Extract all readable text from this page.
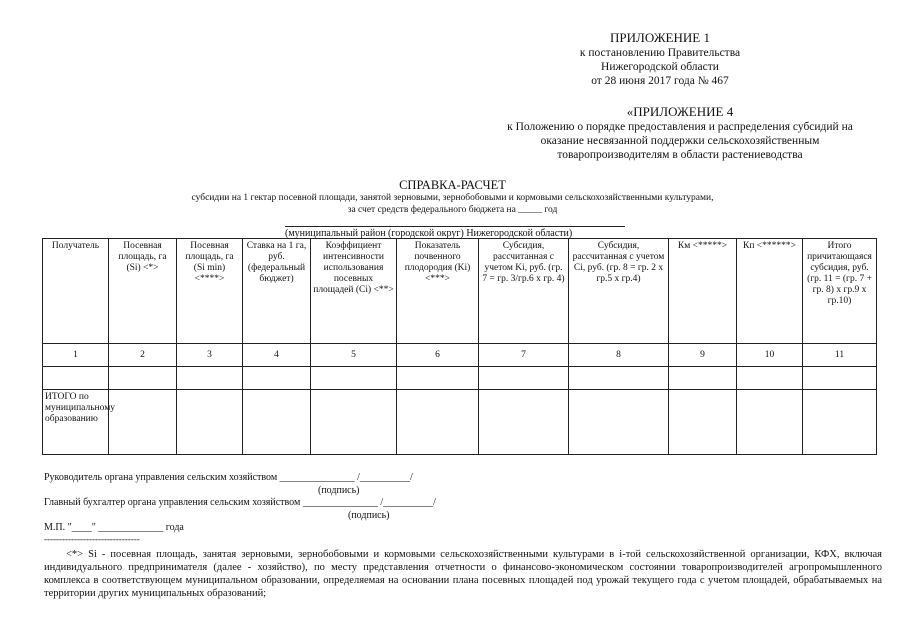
ПРИЛОЖЕНИЕ 1
к постановлению Правительства
Нижегородской области
от 28 июня 2017 года № 467
«ПРИЛОЖЕНИЕ 4
к Положению о порядке предоставления и распределения субсидий на
оказание несвязанной поддержки сельскохозяйственным
товаропроизводителям в области растениеводства
СПРАВКА-РАСЧЕТ
субсидии на 1 гектар посевной площади, занятой зерновыми, зернобобовыми и кормовыми сельскохозяйственными культурами,
за счет средств федерального бюджета на _____ год
(муниципальный район (городской округ) Нижегородской области)
Получатель	Посевная площадь, га (Si) <*>	Посевная площадь, га (Si min) <****>	Ставка на 1 га, руб. (федеральный бюджет)	Коэффициент интенсивности использования посевных площадей (Ci) <**>	Показатель почвенного плодородия (Ki) <***>	Субсидия, рассчитанная с учетом Ki, руб. (гр. 7 = гр. 3/гр.6 х гр. 4)	Субсидия, рассчитанная с учетом Ci, руб. (гр. 8 = гр. 2 х гр.5 х гр.4)	Км <*****>	Кп <******>	Итого причитающаяся субсидия, руб. (гр. 11 = (гр. 7 + гр. 8) х гр.9 х гр.10)
1	2	3	4	5	6	7	8	9	10	11

ИТОГО по муниципальному образованию										
Руководитель органа управления сельским хозяйством _______________ /__________/
(подпись)
Главный бухгалтер органа управления сельским хозяйством _______________ /__________/
(подпись)
М.П. "____" _____________ года
--------------------------------
<*> Si - посевная площадь, занятая зерновыми, зернобобовыми и кормовыми сельскохозяйственными культурами в i-той сельскохозяйственной организации, КФХ, включая индивидуального предпринимателя (далее - хозяйство), по месту представления отчетности о финансово-экономическом состоянии товаропроизводителей агропромышленного комплекса в соответствующем муниципальном образовании, определяемая на основании плана посевных площадей под урожай текущего года с учетом площадей, обрабатываемых на территории других муниципальных образований;
